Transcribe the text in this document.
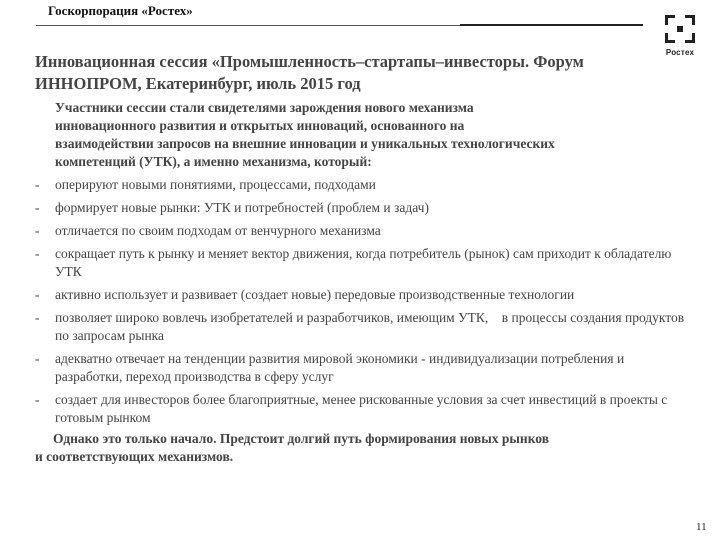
Госкорпорация «Ростех»
Ростех
Инновационная сессия «Промышленность–стартапы–инвесторы. Форум
ИННОПРОМ, Екатеринбург, июль 2015 год

Участники сессии стали свидетелями зарождения нового механизма
инновационного развития и открытых инноваций, основанного на
взаимодействии запросов на внешние инновации и уникальных технологических
компетенций (УТК), а именно механизма, который:

- оперируют новыми понятиями, процессами, подходами
- формирует новые рынки: УТК и потребностей (проблем и задач)
- отличается по своим подходам от венчурного механизма
- сокращает путь к рынку и меняет вектор движения, когда потребитель (рынок) сам приходит к обладателю УТК
- активно использует и развивает (создает новые) передовые производственные технологии
- позволяет широко вовлечь изобретателей и разработчиков, имеющим УТК,    в процессы создания продуктов по запросам рынка
- адекватно отвечает на тенденции развития мировой экономики - индивидуализации потребления и разработки, переход производства в сферу услуг
- создает для инвесторов более благоприятные, менее рискованные условия за счет инвестиций в проекты с готовым рынком

Однако это только начало. Предстоит долгий путь формирования новых рынков
и соответствующих механизмов.

11
